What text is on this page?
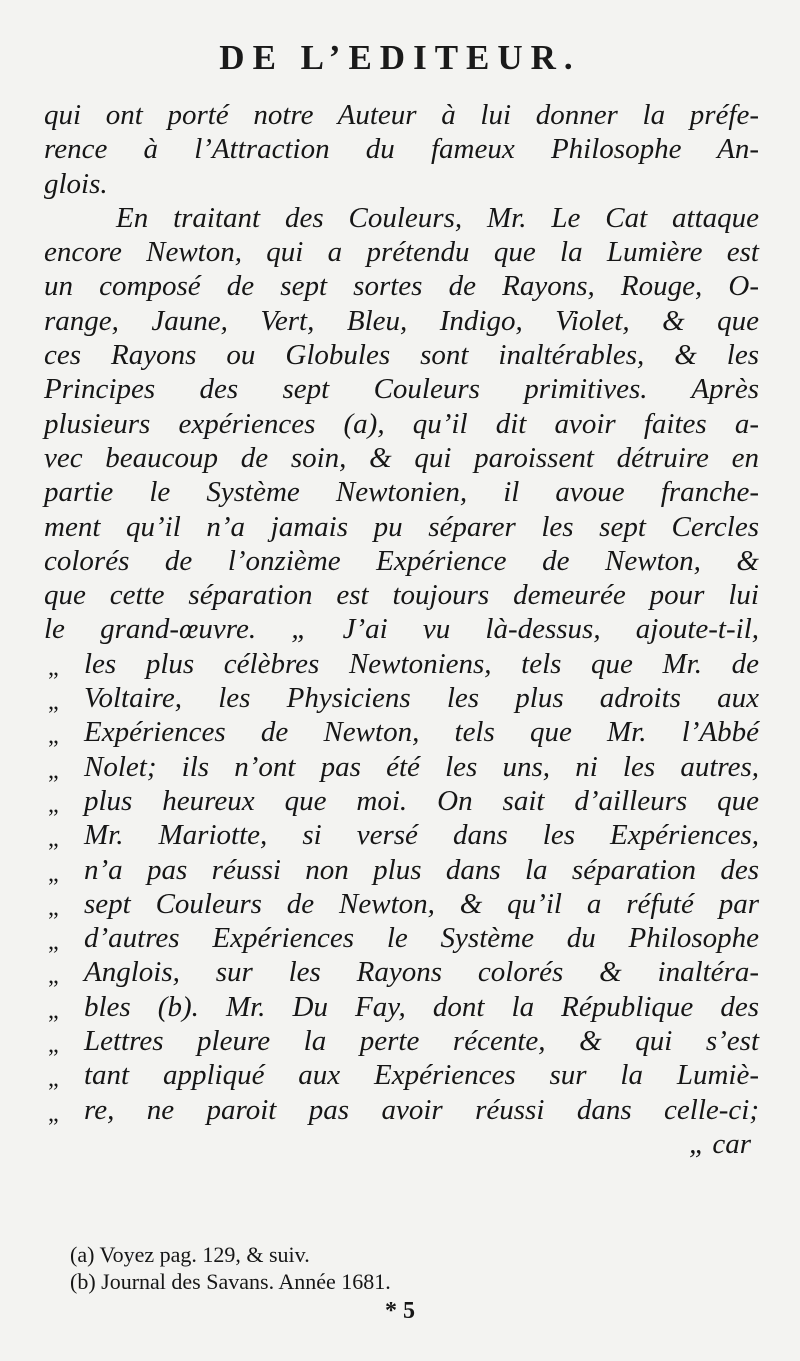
DE L’EDITEUR.
qui ont porté notre Auteur à lui donner la préfe-
rence à l’Attraction du fameux Philosophe An-
glois.
En traitant des Couleurs, Mr. Le Cat attaque
encore Newton, qui a prétendu que la Lumière est
un composé de sept sortes de Rayons, Rouge, O-
range, Jaune, Vert, Bleu, Indigo, Violet, & que
ces Rayons ou Globules sont inaltérables, & les
Principes des sept Couleurs primitives. Après
plusieurs expériences (a), qu’il dit avoir faites a-
vec beaucoup de soin, & qui paroissent détruire en
partie le Système Newtonien, il avoue franche-
ment qu’il n’a jamais pu séparer les sept Cercles
colorés de l’onzième Expérience de Newton, &
que cette séparation est toujours demeurée pour lui
le grand-œuvre. „ J’ai vu là-dessus, ajoute-t-il,
„ les plus célèbres Newtoniens, tels que Mr. de
„ Voltaire, les Physiciens les plus adroits aux
„ Expériences de Newton, tels que Mr. l’Abbé
„ Nolet; ils n’ont pas été les uns, ni les autres,
„ plus heureux que moi. On sait d’ailleurs que
„ Mr. Mariotte, si versé dans les Expériences,
„ n’a pas réussi non plus dans la séparation des
„ sept Couleurs de Newton, & qu’il a réfuté par
„ d’autres Expériences le Système du Philosophe
„ Anglois, sur les Rayons colorés & inaltéra-
„ bles (b). Mr. Du Fay, dont la République des
„ Lettres pleure la perte récente, & qui s’est
„ tant appliqué aux Expériences sur la Lumiè-
„ re, ne paroit pas avoir réussi dans celle-ci;
„ car
(a) Voyez pag. 129, & suiv.
(b) Journal des Savans. Année 1681.
* 5
